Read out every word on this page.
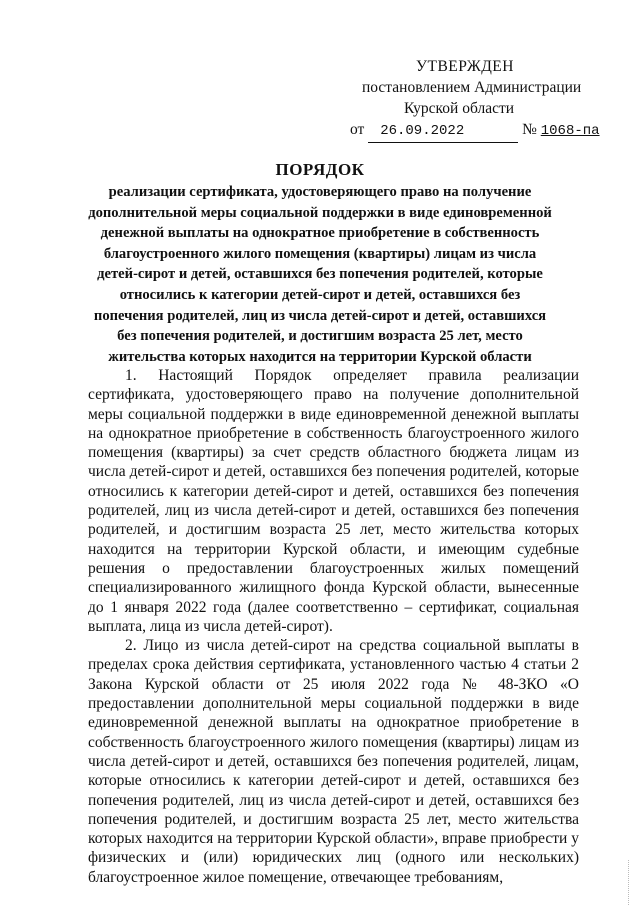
УТВЕРЖДЕН
постановлением Администрации
Курской области
от 26.09.2022	№ 1068-па
ПОРЯДОК
реализации сертификата, удостоверяющего право на получение
дополнительной меры социальной поддержки в виде единовременной
денежной выплаты на однократное приобретение в собственность
благоустроенного жилого помещения (квартиры) лицам из числа
детей-сирот и детей, оставшихся без попечения родителей, которые
относились к категории детей-сирот и детей, оставшихся без
попечения родителей, лиц из числа детей-сирот и детей, оставшихся
без попечения родителей, и достигшим возраста 25 лет, место
жительства которых находится на территории Курской области

1. Настоящий Порядок определяет правила реализации сертификата, удостоверяющего право на получение дополнительной меры социальной поддержки в виде единовременной денежной выплаты на однократное приобретение в собственность благоустроенного жилого помещения (квартиры) за счет средств областного бюджета лицам из числа детей-сирот и детей, оставшихся без попечения родителей, которые относились к категории детей-сирот и детей, оставшихся без попечения родителей, лиц из числа детей-сирот и детей, оставшихся без попечения родителей, и достигшим возраста 25 лет, место жительства которых находится на территории Курской области, и имеющим судебные решения о предоставлении благоустроенных жилых помещений специализированного жилищного фонда Курской области, вынесенные до 1 января 2022 года (далее соответственно – сертификат, социальная выплата, лица из числа детей-сирот).

2. Лицо из числа детей-сирот на средства социальной выплаты в пределах срока действия сертификата, установленного частью 4 статьи 2 Закона Курской области от 25 июля 2022 года № 48-ЗКО «О предоставлении дополнительной меры социальной поддержки в виде единовременной денежной выплаты на однократное приобретение в собственность благоустроенного жилого помещения (квартиры) лицам из числа детей-сирот и детей, оставшихся без попечения родителей, лицам, которые относились к категории детей-сирот и детей, оставшихся без попечения родителей, лиц из числа детей-сирот и детей, оставшихся без попечения родителей, и достигшим возраста 25 лет, место жительства которых находится на территории Курской области», вправе приобрести у физических и (или) юридических лиц (одного или нескольких) благоустроенное жилое помещение, отвечающее требованиям,
